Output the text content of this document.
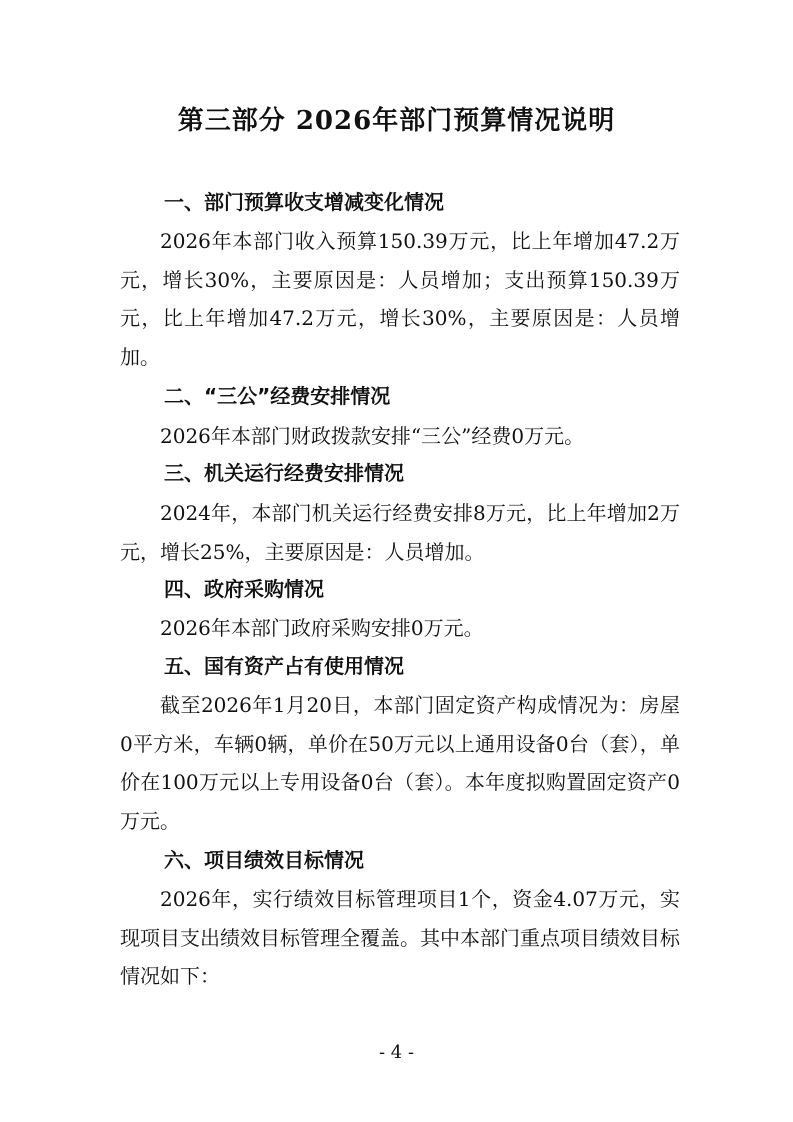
第三部分 2026年部门预算情况说明
一、部门预算收支增减变化情况

2026年本部门收入预算150.39万元，比上年增加47.2万元，增长30%，主要原因是：人员增加；支出预算150.39万元，比上年增加47.2万元，增长30%，主要原因是：人员增加。

二、“三公”经费安排情况

2026年本部门财政拨款安排“三公”经费0万元。

三、机关运行经费安排情况

2024年，本部门机关运行经费安排8万元，比上年增加2万元，增长25%，主要原因是：人员增加。

四、政府采购情况

2026年本部门政府采购安排0万元。

五、国有资产占有使用情况

截至2026年1月20日，本部门固定资产构成情况为：房屋0平方米，车辆0辆，单价在50万元以上通用设备0台（套），单价在100万元以上专用设备0台（套）。本年度拟购置固定资产0万元。

六、项目绩效目标情况

2026年，实行绩效目标管理项目1个，资金4.07万元，实现项目支出绩效目标管理全覆盖。其中本部门重点项目绩效目标情况如下：

- 4 -
